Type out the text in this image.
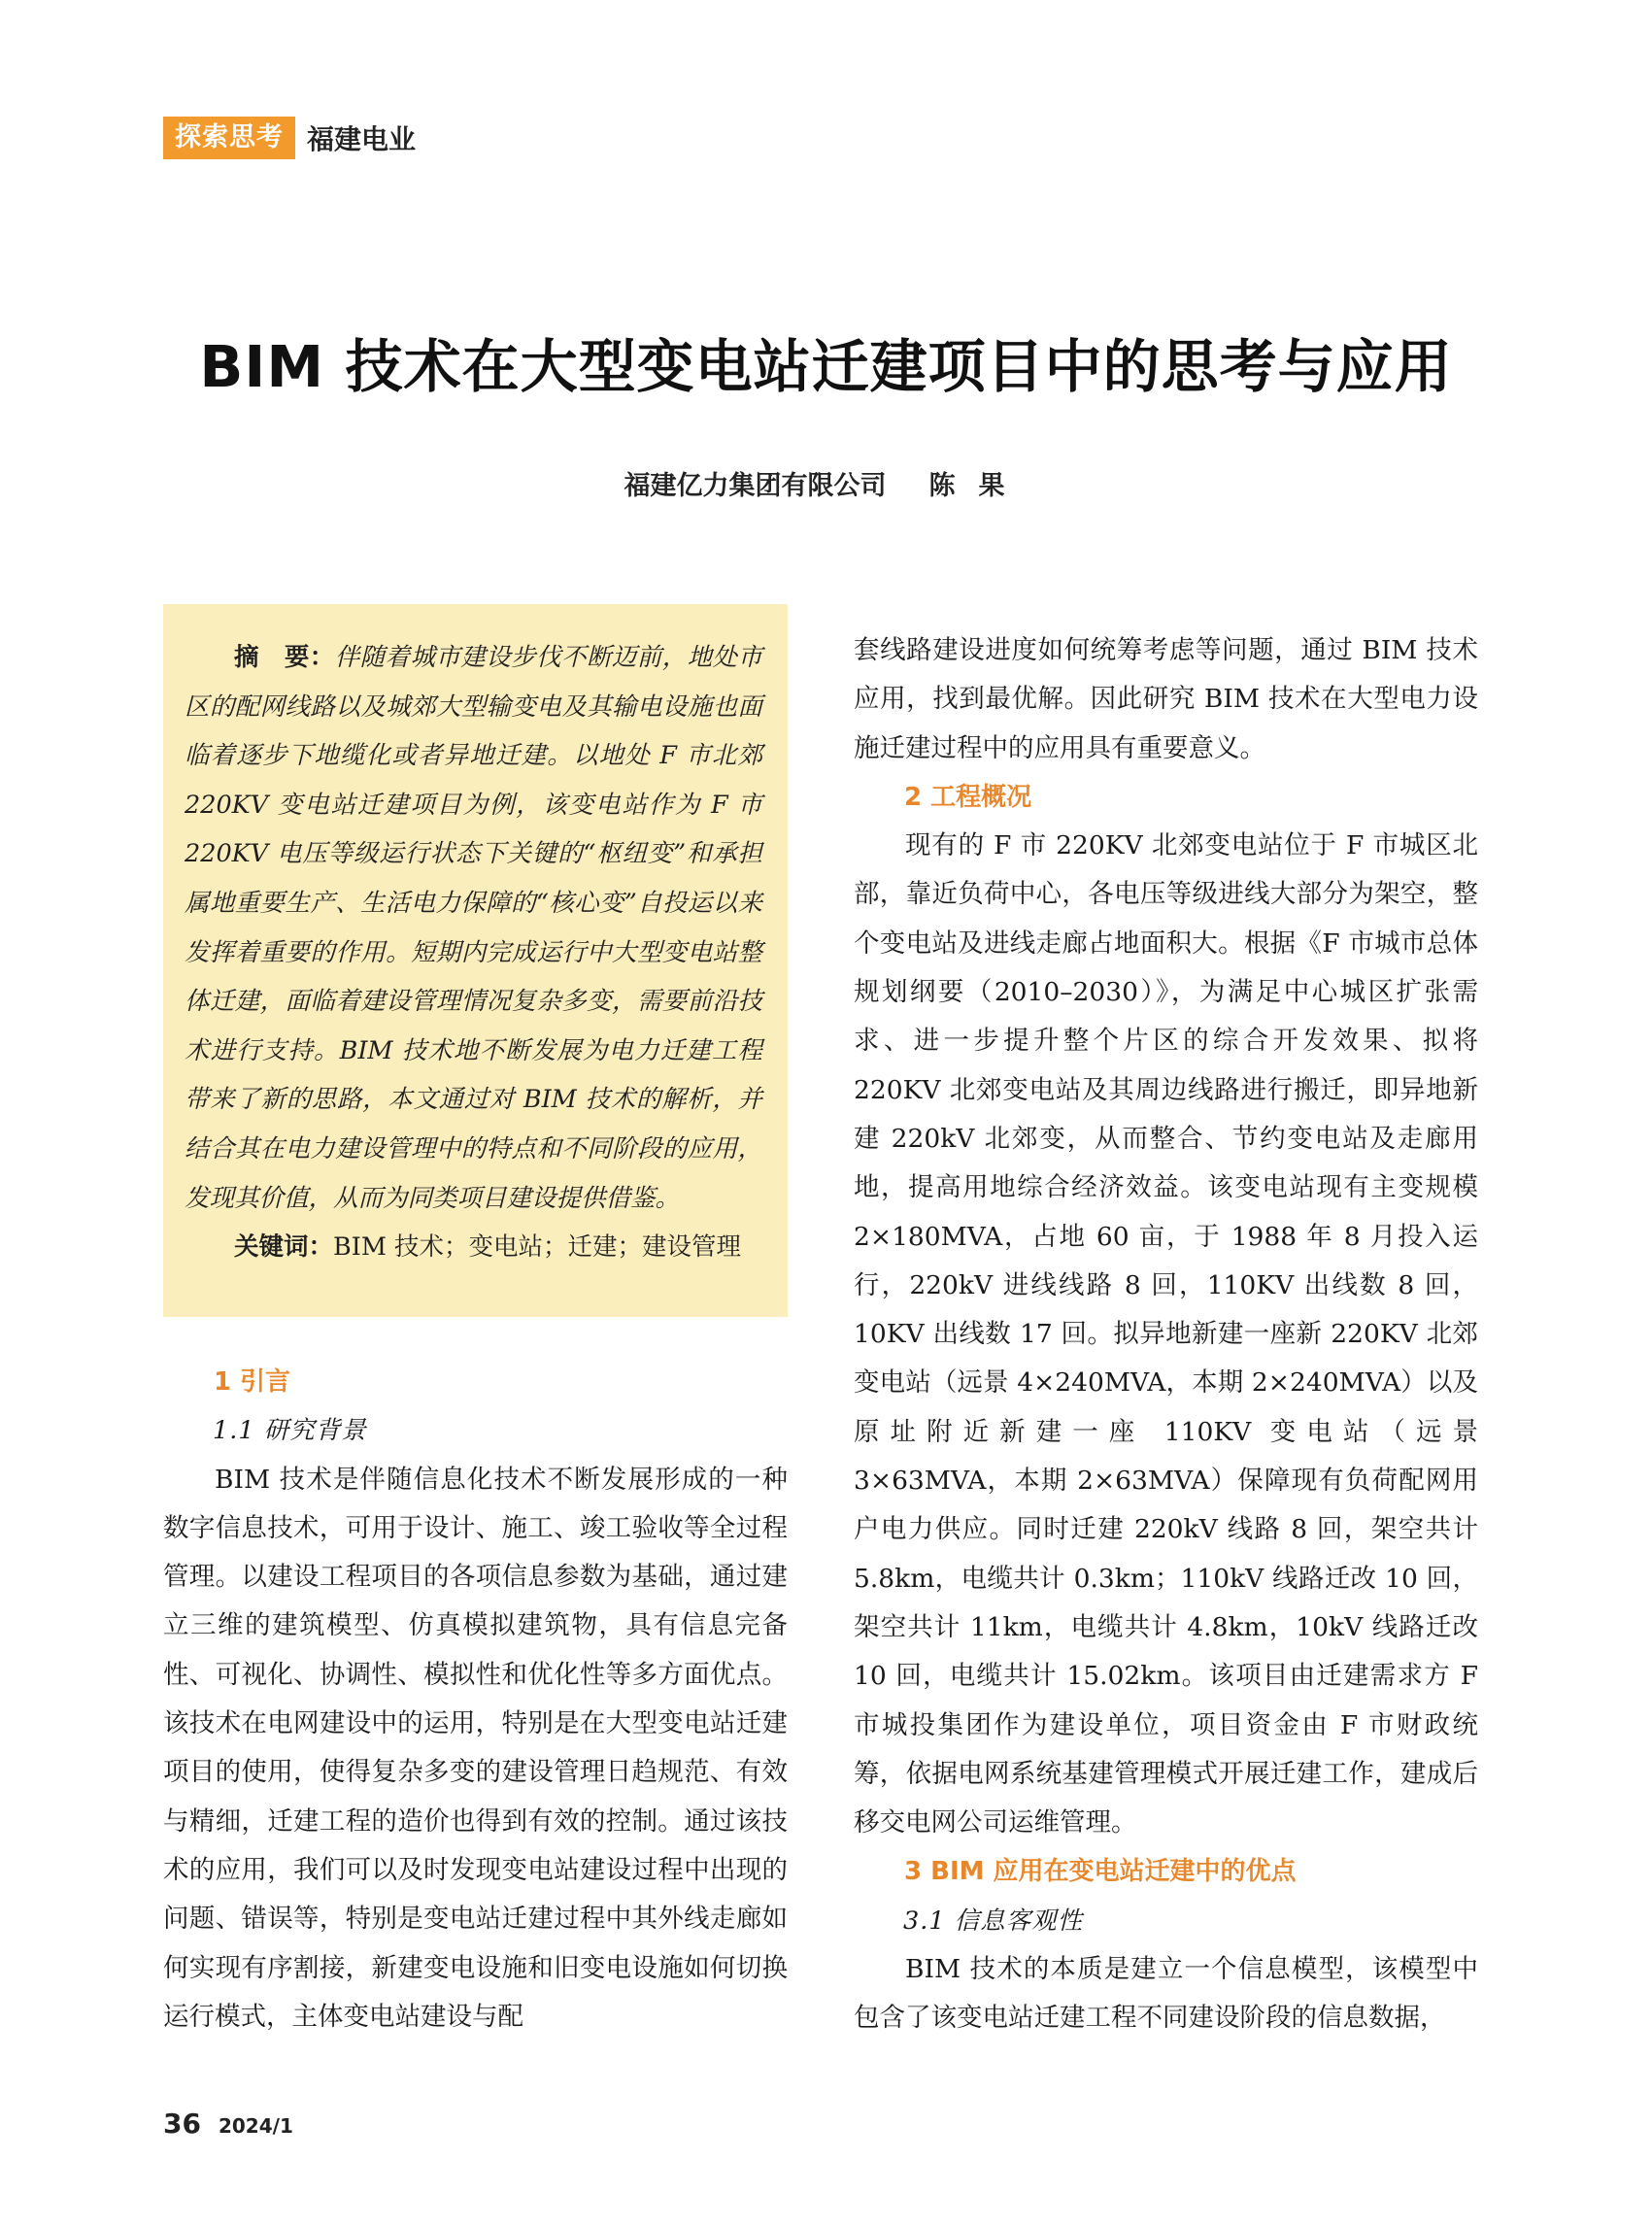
探索思考 福建电业
BIM 技术在大型变电站迁建项目中的思考与应用
福建亿力集团有限公司 陈果

摘　要：伴随着城市建设步伐不断迈前，地处市区的配网线路以及城郊大型输变电及其输电设施也面临着逐步下地缆化或者异地迁建。以地处 F 市北郊 220KV 变电站迁建项目为例，该变电站作为 F 市 220KV 电压等级运行状态下关键的“枢纽变”和承担属地重要生产、生活电力保障的“核心变”自投运以来发挥着重要的作用。短期内完成运行中大型变电站整体迁建，面临着建设管理情况复杂多变，需要前沿技术进行支持。BIM 技术地不断发展为电力迁建工程带来了新的思路，本文通过对 BIM 技术的解析，并结合其在电力建设管理中的特点和不同阶段的应用，发现其价值，从而为同类项目建设提供借鉴。

关键词：BIM 技术；变电站；迁建；建设管理

1 引言

1.1 研究背景

BIM 技术是伴随信息化技术不断发展形成的一种数字信息技术，可用于设计、施工、竣工验收等全过程管理。以建设工程项目的各项信息参数为基础，通过建立三维的建筑模型、仿真模拟建筑物，具有信息完备性、可视化、协调性、模拟性和优化性等多方面优点。该技术在电网建设中的运用，特别是在大型变电站迁建项目的使用，使得复杂多变的建设管理日趋规范、有效与精细，迁建工程的造价也得到有效的控制。通过该技术的应用，我们可以及时发现变电站建设过程中出现的问题、错误等，特别是变电站迁建过程中其外线走廊如何实现有序割接，新建变电设施和旧变电设施如何切换运行模式，主体变电站建设与配

套线路建设进度如何统筹考虑等问题，通过 BIM 技术应用，找到最优解。因此研究 BIM 技术在大型电力设施迁建过程中的应用具有重要意义。

2 工程概况

现有的 F 市 220KV 北郊变电站位于 F 市城区北部，靠近负荷中心，各电压等级进线大部分为架空，整个变电站及进线走廊占地面积大。根据《F 市城市总体规划纲要（2010–2030）》，为满足中心城区扩张需求、进一步提升整个片区的综合开发效果、拟将 220KV 北郊变电站及其周边线路进行搬迁，即异地新建 220kV 北郊变，从而整合、节约变电站及走廊用地，提高用地综合经济效益。该变电站现有主变规模 2×180MVA，占地 60 亩，于 1988 年 8 月投入运行，220kV 进线线路 8 回，110KV 出线数 8 回，10KV 出线数 17 回。拟异地新建一座新 220KV 北郊变电站（远景 4×240MVA，本期 2×240MVA）以及原址附近新建一座 110KV 变电站（远景 3×63MVA，本期 2×63MVA）保障现有负荷配网用户电力供应。同时迁建 220kV 线路 8 回，架空共计 5.8km，电缆共计 0.3km；110kV 线路迁改 10 回，架空共计 11km，电缆共计 4.8km，10kV 线路迁改 10 回，电缆共计 15.02km。该项目由迁建需求方 F 市城投集团作为建设单位，项目资金由 F 市财政统筹，依据电网系统基建管理模式开展迁建工作，建成后移交电网公司运维管理。

3 BIM 应用在变电站迁建中的优点

3.1 信息客观性

BIM 技术的本质是建立一个信息模型，该模型中包含了该变电站迁建工程不同建设阶段的信息数据，

36 2024/1
